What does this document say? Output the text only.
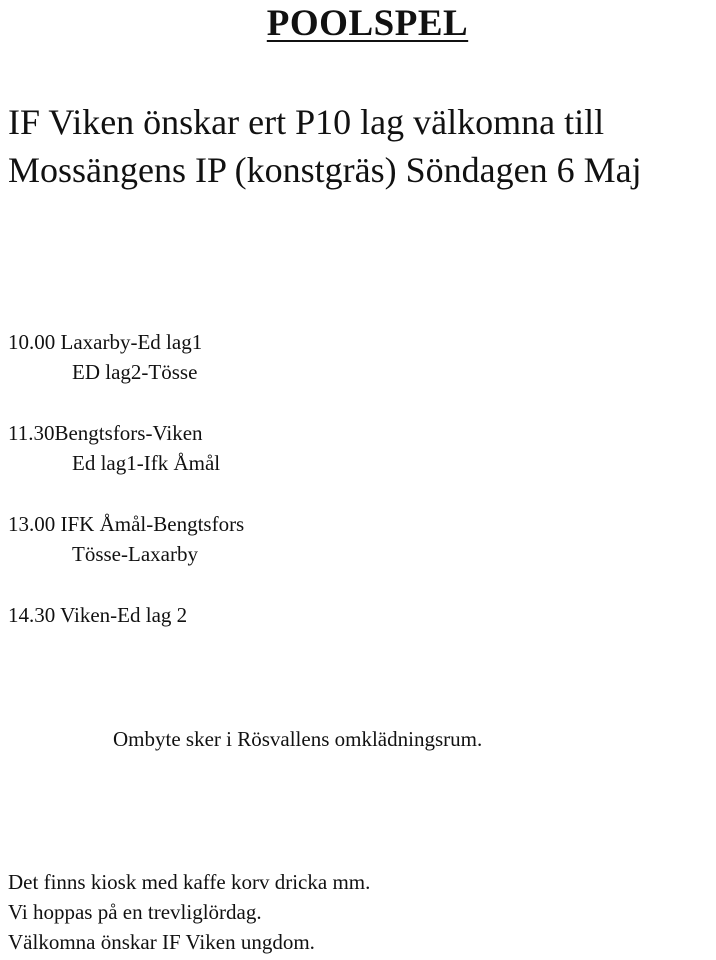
POOLSPEL

IF Viken önskar ert P10 lag välkomna till Mossängens IP (konstgräs) Söndagen 6 Maj

10.00 Laxarby-Ed lag1
ED lag2-Tösse
11.30Bengtsfors-Viken
Ed lag1-Ifk Åmål
13.00 IFK Åmål-Bengtsfors
Tösse-Laxarby
14.30 Viken-Ed lag 2

Ombyte sker i Rösvallens omklädningsrum.

Det finns kiosk med kaffe korv dricka mm.
Vi hoppas på en trevliglördag.
Välkomna önskar IF Viken ungdom.
